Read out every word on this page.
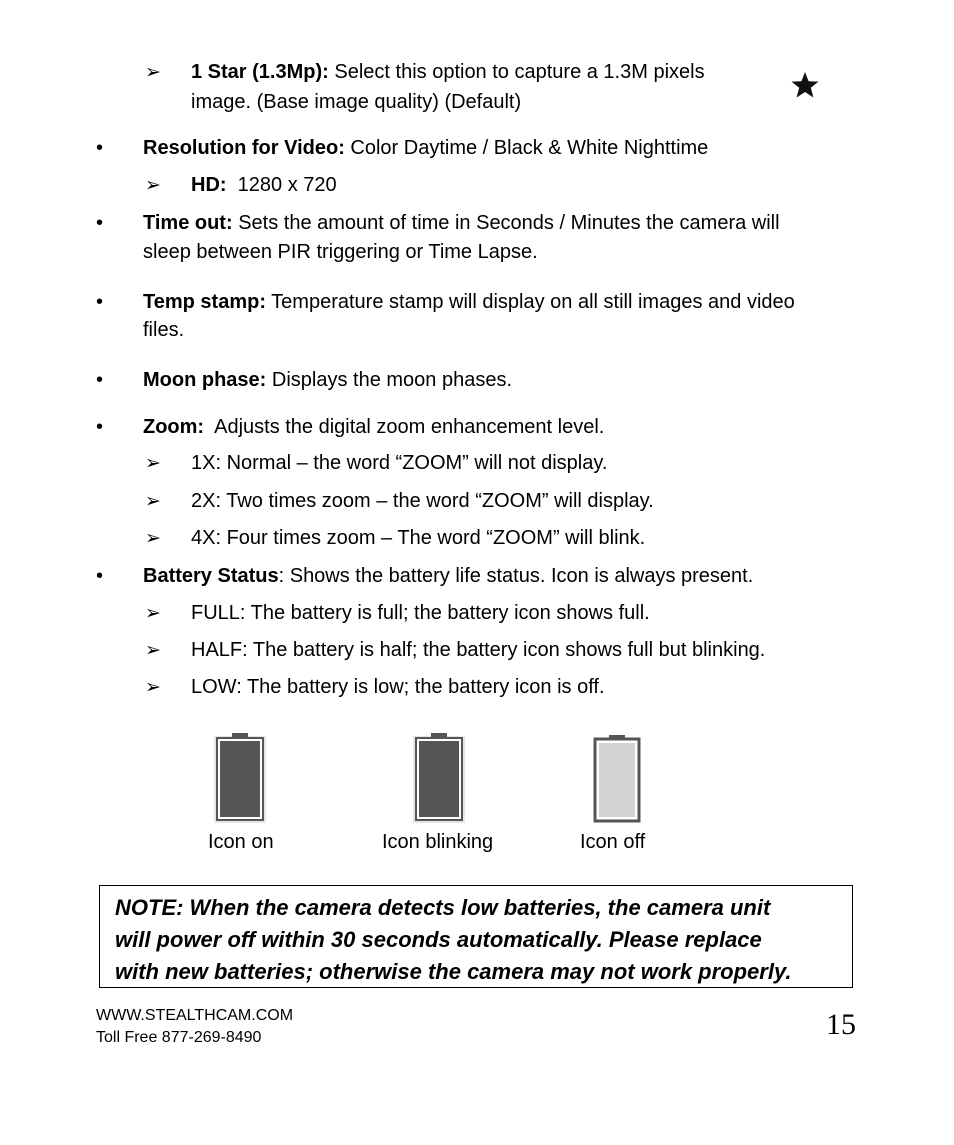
➢ 1 Star (1.3Mp): Select this option to capture a 1.3M pixels
image. (Base image quality) (Default)
• Resolution for Video: Color Daytime / Black & White Nighttime
➢ HD:  1280 x 720
• Time out: Sets the amount of time in Seconds / Minutes the camera will
sleep between PIR triggering or Time Lapse.
• Temp stamp: Temperature stamp will display on all still images and video
files.
• Moon phase: Displays the moon phases.
• Zoom:  Adjusts the digital zoom enhancement level.
➢ 1X: Normal – the word “ZOOM” will not display.
➢ 2X: Two times zoom – the word “ZOOM” will display.
➢ 4X: Four times zoom – The word “ZOOM” will blink.
• Battery Status: Shows the battery life status. Icon is always present.
➢ FULL: The battery is full; the battery icon shows full.
➢ HALF: The battery is half; the battery icon shows full but blinking.
➢ LOW: The battery is low; the battery icon is off.
Icon on	Icon blinking	Icon off
NOTE: When the camera detects low batteries, the camera unit
will power off within 30 seconds automatically. Please replace
with new batteries; otherwise the camera may not work properly.
WWW.STEALTHCAM.COM
Toll Free 877-269-8490	15
